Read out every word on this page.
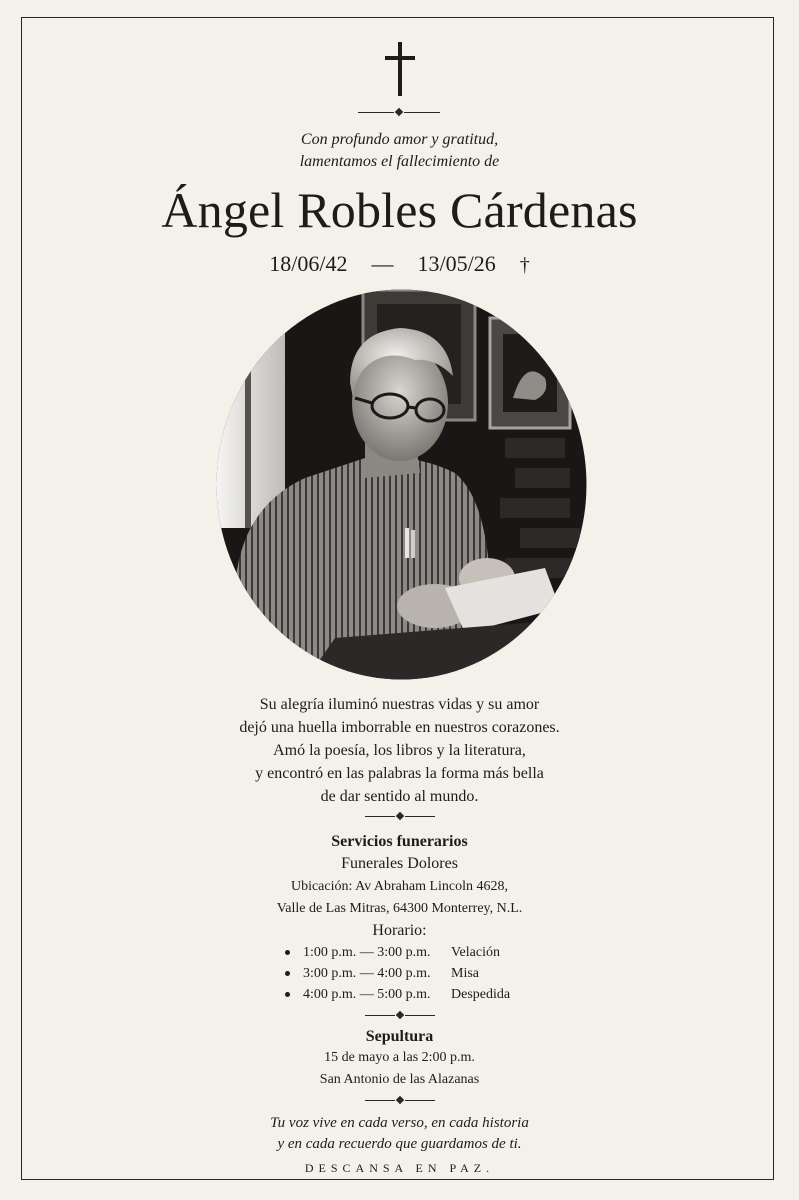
Con profundo amor y gratitud,
lamentamos el fallecimiento de
Ángel Robles Cárdenas
18/06/42 — 13/05/26 †
Su alegría iluminó nuestras vidas y su amor
dejó una huella imborrable en nuestros corazones.
Amó la poesía, los libros y la literatura,
y encontró en las palabras la forma más bella
de dar sentido al mundo.
Servicios funerarios
Funerales Dolores
Ubicación: Av Abraham Lincoln 4628,
Valle de Las Mitras, 64300 Monterrey, N.L.
Horario:
1:00 p.m. — 3:00 p.m. Velación
3:00 p.m. — 4:00 p.m. Misa
4:00 p.m. — 5:00 p.m. Despedida
Sepultura
15 de mayo a las 2:00 p.m.
San Antonio de las Alazanas
Tu voz vive en cada verso, en cada historia
y en cada recuerdo que guardamos de ti.
DESCANSA EN PAZ.
